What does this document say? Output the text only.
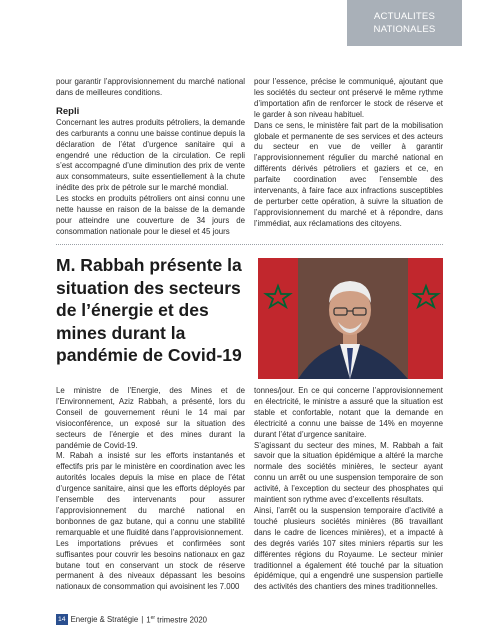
ACTUALITES
NATIONALES

pour garantir l’approvisionnement du marché national dans de meilleures conditions.

Repli

Concernant les autres produits pétroliers, la demande des carburants a connu une baisse continue depuis la déclaration de l’état d’urgence sanitaire qui a engendré une réduction de la circulation. Ce repli s’est accompagné d’une diminution des prix de vente aux consommateurs, suite essentiellement à la chute inédite des prix de pétrole sur le marché mondial.

Les stocks en produits pétroliers ont ainsi connu une nette hausse en raison de la baisse de la demande pour atteindre une couverture de 34 jours de consommation nationale pour le diesel et 45 jours

pour l’essence, précise le communiqué, ajoutant que les sociétés du secteur ont préservé le même rythme d’importation afin de renforcer le stock de réserve et le garder à son niveau habituel.

Dans ce sens, le ministère fait part de la mobilisation globale et permanente de ses services et des acteurs du secteur en vue de veiller à garantir l’approvisionnement régulier du marché national en différents dérivés pétroliers et gaziers et ce, en parfaite coordination avec l’ensemble des intervenants, à faire face aux infractions susceptibles de perturber cette opération, à suivre la situation de l’approvisionnement du marché et à répondre, dans l’immédiat, aux réclamations des citoyens.

M. Rabbah présente la situation des secteurs de l’énergie et des mines durant la pandémie de Covid-19

Le ministre de l’Energie, des Mines et de l’Environnement, Aziz Rabbah, a présenté, lors du Conseil de gouvernement réuni le 14 mai par visioconférence, un exposé sur la situation des secteurs de l’énergie et des mines durant la pandémie de Covid-19.

M. Rabah a insisté sur les efforts instantanés et effectifs pris par le ministère en coordination avec les autorités locales depuis la mise en place de l’état d’urgence sanitaire, ainsi que les efforts déployés par l’ensemble des intervenants pour assurer l’approvisionnement du marché national en bonbonnes de gaz butane, qui a connu une stabilité remarquable et une fluidité dans l’approvisionnement.

Les importations prévues et confirmées sont suffisantes pour couvrir les besoins nationaux en gaz butane tout en conservant un stock de réserve permanent à des niveaux dépassant les besoins nationaux de consommation qui avoisinent les 7.000

tonnes/jour. En ce qui concerne l’approvisionnement en électricité, le ministre a assuré que la situation est stable et confortable, notant que la demande en électricité a connu une baisse de 14% en moyenne durant l’état d’urgence sanitaire.

S’agissant du secteur des mines, M. Rabbah a fait savoir que la situation épidémique a altéré la marche normale des sociétés minières, le secteur ayant connu un arrêt ou une suspension temporaire de son activité, à l’exception du secteur des phosphates qui maintient son rythme avec d’excellents résultats.

Ainsi, l’arrêt ou la suspension temporaire d’activité a touché plusieurs sociétés minières (86 travaillant dans le cadre de licences minières), et a impacté à des degrés variés 107 sites miniers répartis sur les différentes régions du Royaume. Le secteur minier traditionnel a également été touché par la situation épidémique, qui a engendré une suspension partielle des activités des chantiers des mines traditionnelles.

14 Energie & Stratégie | 1er trimestre 2020
